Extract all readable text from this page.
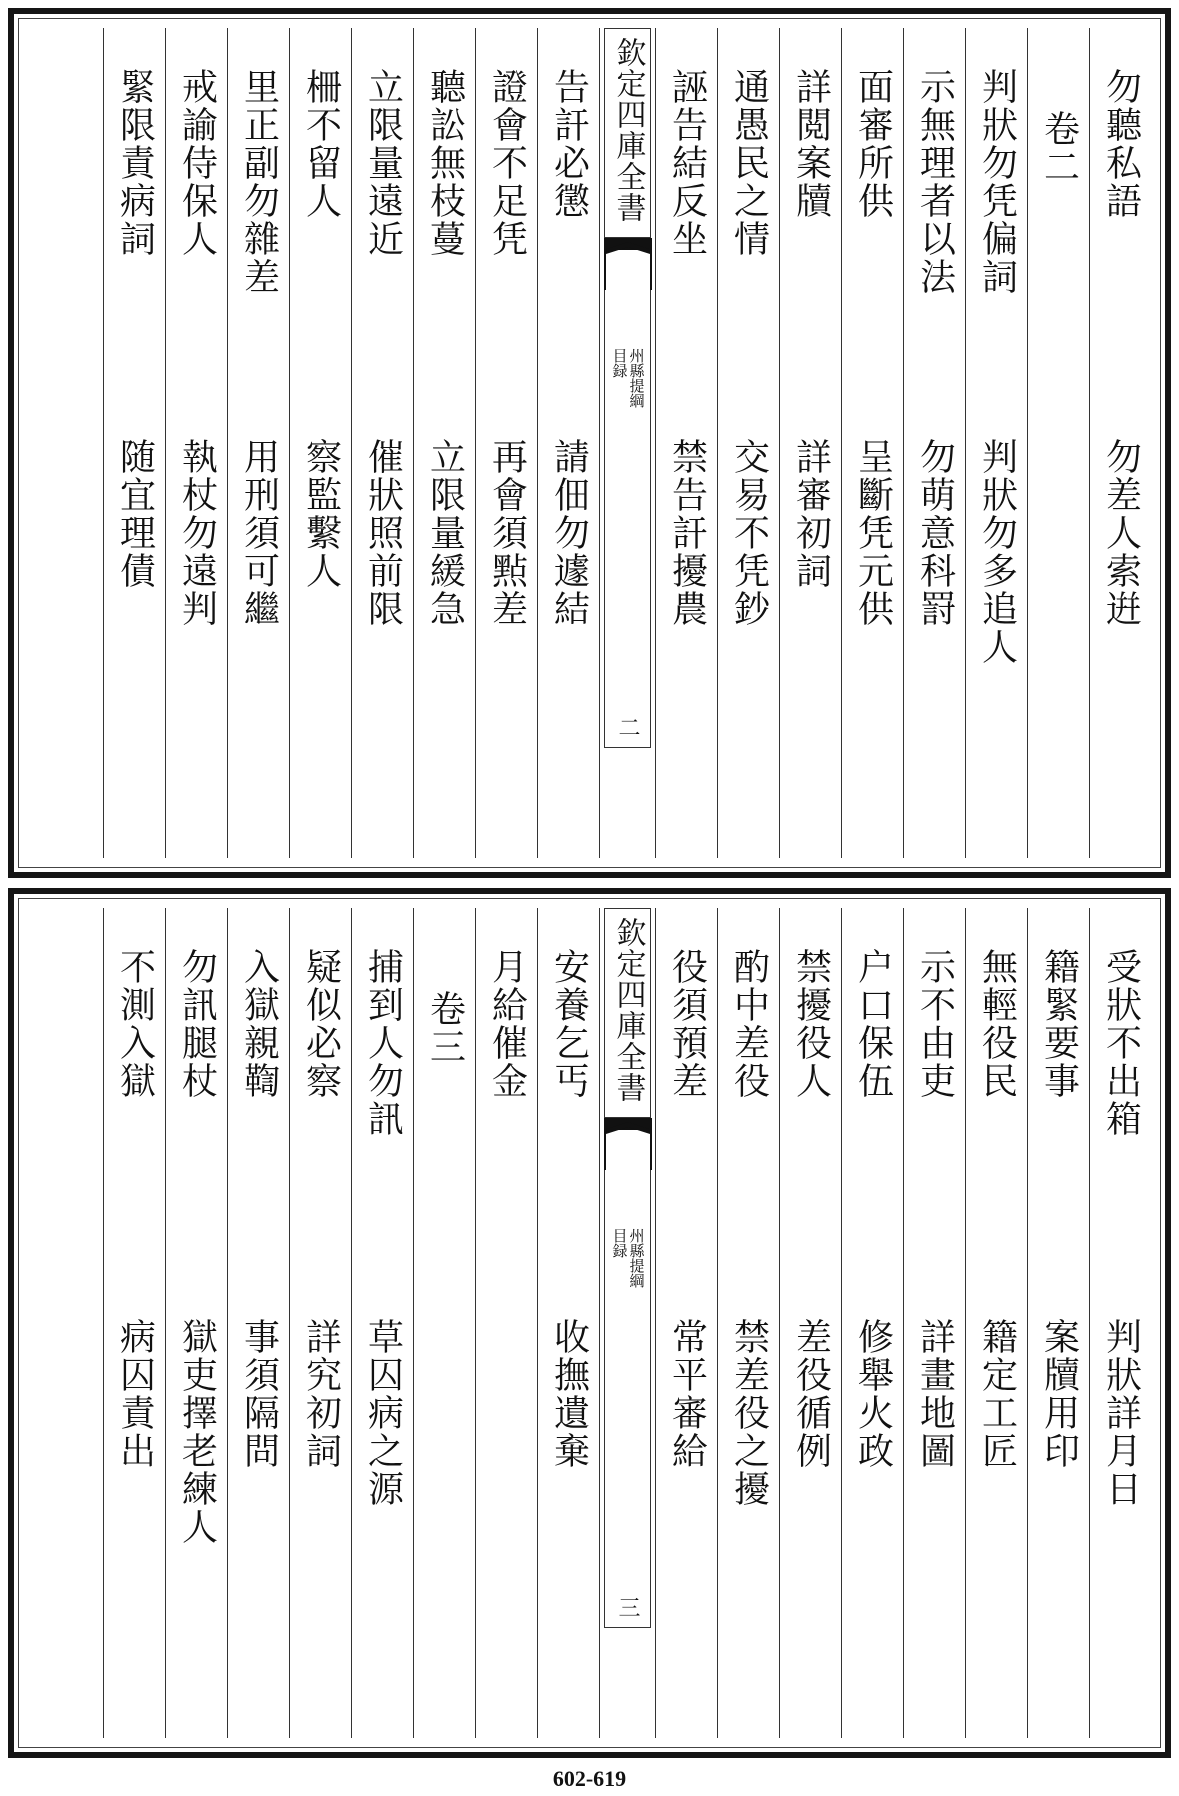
勿聽私語
勿差人索逬
卷二
判狀勿凭偏詞
判狀勿多追人
示無理者以法
勿萌意科罸
面審所供
呈斷凭元供
詳閲案牘
詳審初詞
通愚民之情
交易不凭鈔
誣告結反坐
禁告訐擾農
欽定四庫全書
州縣提綱
目録
二
告訐必懲
請佃勿遽結
證會不足凭
再會須㸃差
聽訟無枝蔓
立限量緩急
立限量遠近
催狀照前限
柵不留人
察監繫人
里正副勿雜差
用刑須可繼
戒諭侍保人
執杖勿遠判
緊限責病詞
随宜理債
受狀不出箱
判狀詳月日
籍緊要事
案牘用印
無輕役民
籍定工匠
示不由吏
詳畫地圖
户口保伍
修舉火政
禁擾役人
差役循例
酌中差役
禁差役之擾
役須預差
常平審給
欽定四庫全書
州縣提綱
目録
三
安養乞丐
收撫遺棄
月給催金
卷三
捕到人勿訊
草囚病之源
疑似必察
詳究初詞
入獄親鞫
事須隔問
勿訊腿杖
獄吏擇老練人
不測入獄
病囚責出
602-619
